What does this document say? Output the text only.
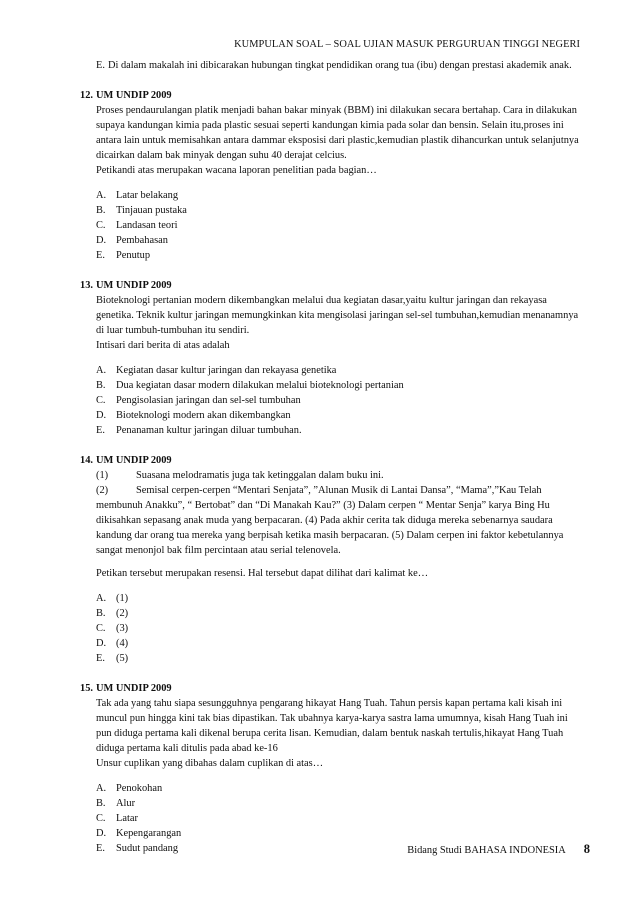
KUMPULAN SOAL – SOAL UJIAN MASUK PERGURUAN TINGGI NEGERI
E. Di dalam makalah ini dibicarakan hubungan tingkat pendidikan orang tua (ibu) dengan prestasi akademik anak.
12. UM UNDIP 2009

Proses pendaurulangan platik menjadi bahan bakar minyak (BBM) ini dilakukan secara bertahap. Cara in dilakukan supaya kandungan kimia pada plastic sesuai seperti kandungan kimia pada solar dan bensin. Selain itu,proses ini antara lain untuk memisahkan antara dammar eksposisi dari plastic,kemudian plastik dihancurkan untuk selanjutnya dicairkan dalam bak minyak dengan suhu 40 derajat celcius.

Petikandi atas merupakan wacana laporan penelitian pada bagian…

A. Latar belakang
B.	Tinjauan pustaka
C.	Landasan teori
D. Pembahasan
E.	Penutup
13. UM UNDIP 2009

Bioteknologi pertanian modern dikembangkan melalui dua kegiatan dasar,yaitu kultur jaringan dan rekayasa genetika. Teknik kultur jaringan memungkinkan kita mengisolasi jaringan sel-sel tumbuhan,kemudian menanamnya di luar tumbuh-tumbuhan itu sendiri.

Intisari dari berita di atas adalah

A. Kegiatan dasar kultur jaringan dan rekayasa genetika
B.	Dua kegiatan dasar modern dilakukan melalui bioteknologi pertanian
C.	Pengisolasian jaringan dan sel-sel tumbuhan
D. Bioteknologi modern akan dikembangkan
E.	Penanaman kultur jaringan diluar tumbuhan.
14. UM UNDIP 2009
(1)	Suasana melodramatis juga tak ketinggalan dalam buku ini.
(2)	Semisal cerpen-cerpen “Mentari Senjata”, ”Alunan Musik di Lantai Dansa”, “Mama”,”Kau Telah

membunuh Anakku”, “ Bertobat” dan “Di Manakah Kau?” (3) Dalam cerpen “ Mentar Senja” karya Bing Hu dikisahkan sepasang anak muda yang berpacaran. (4) Pada akhir cerita tak diduga mereka sebenarnya saudara kandung dar orang tua mereka yang berpisah ketika masih berpacaran. (5) Dalam cerpen ini faktor kebetulannya sangat menonjol bak film percintaan atau serial telenovela.

Petikan tersebut merupakan resensi. Hal tersebut dapat dilihat dari kalimat ke…

A. (1)
B.	(2)
C.	(3)
D. (4)
E.	(5)
15. UM UNDIP 2009

Tak ada yang tahu siapa sesungguhnya pengarang hikayat Hang Tuah. Tahun persis kapan pertama kali kisah ini muncul pun hingga kini tak bias dipastikan. Tak ubahnya karya-karya sastra lama umumnya, kisah Hang Tuah ini pun diduga pertama kali dikenal berupa cerita lisan. Kemudian, dalam bentuk naskah tertulis,hikayat Hang Tuah diduga pertama kali ditulis pada abad ke-16

Unsur cuplikan yang dibahas dalam cuplikan di atas…

A. Penokohan
B.	Alur
C.	Latar
D. Kepengarangan
E.	Sudut pandang	Bidang Studi BAHASA INDONESIA 8
